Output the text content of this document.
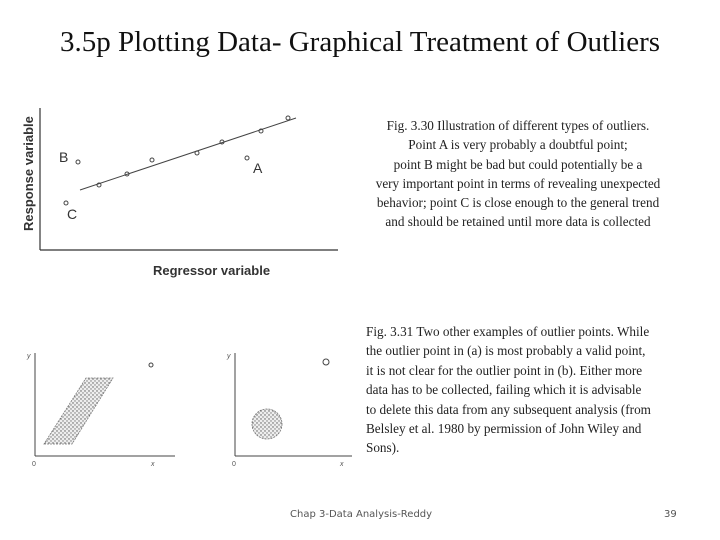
3.5p Plotting Data- Graphical Treatment of Outliers
B
A
C
Response variable
Regressor variable
Fig. 3.30 Illustration of different types of outliers.
Point A is very probably a doubtful point;
point B might be bad but could potentially be a
very important point in terms of revealing unexpected
behavior; point C is close enough to the general trend
and should be retained until more data is collected
y
x
0
y
x
0
Fig. 3.31 Two other examples of outlier points. While
the outlier point in (a) is most probably a valid point,
it is not clear for the outlier point in (b). Either more
data has to be collected, failing which it is advisable
to delete this data from any subsequent analysis (from
Belsley et al. 1980 by permission of John Wiley and
Sons).
Chap 3-Data Analysis-Reddy	39
